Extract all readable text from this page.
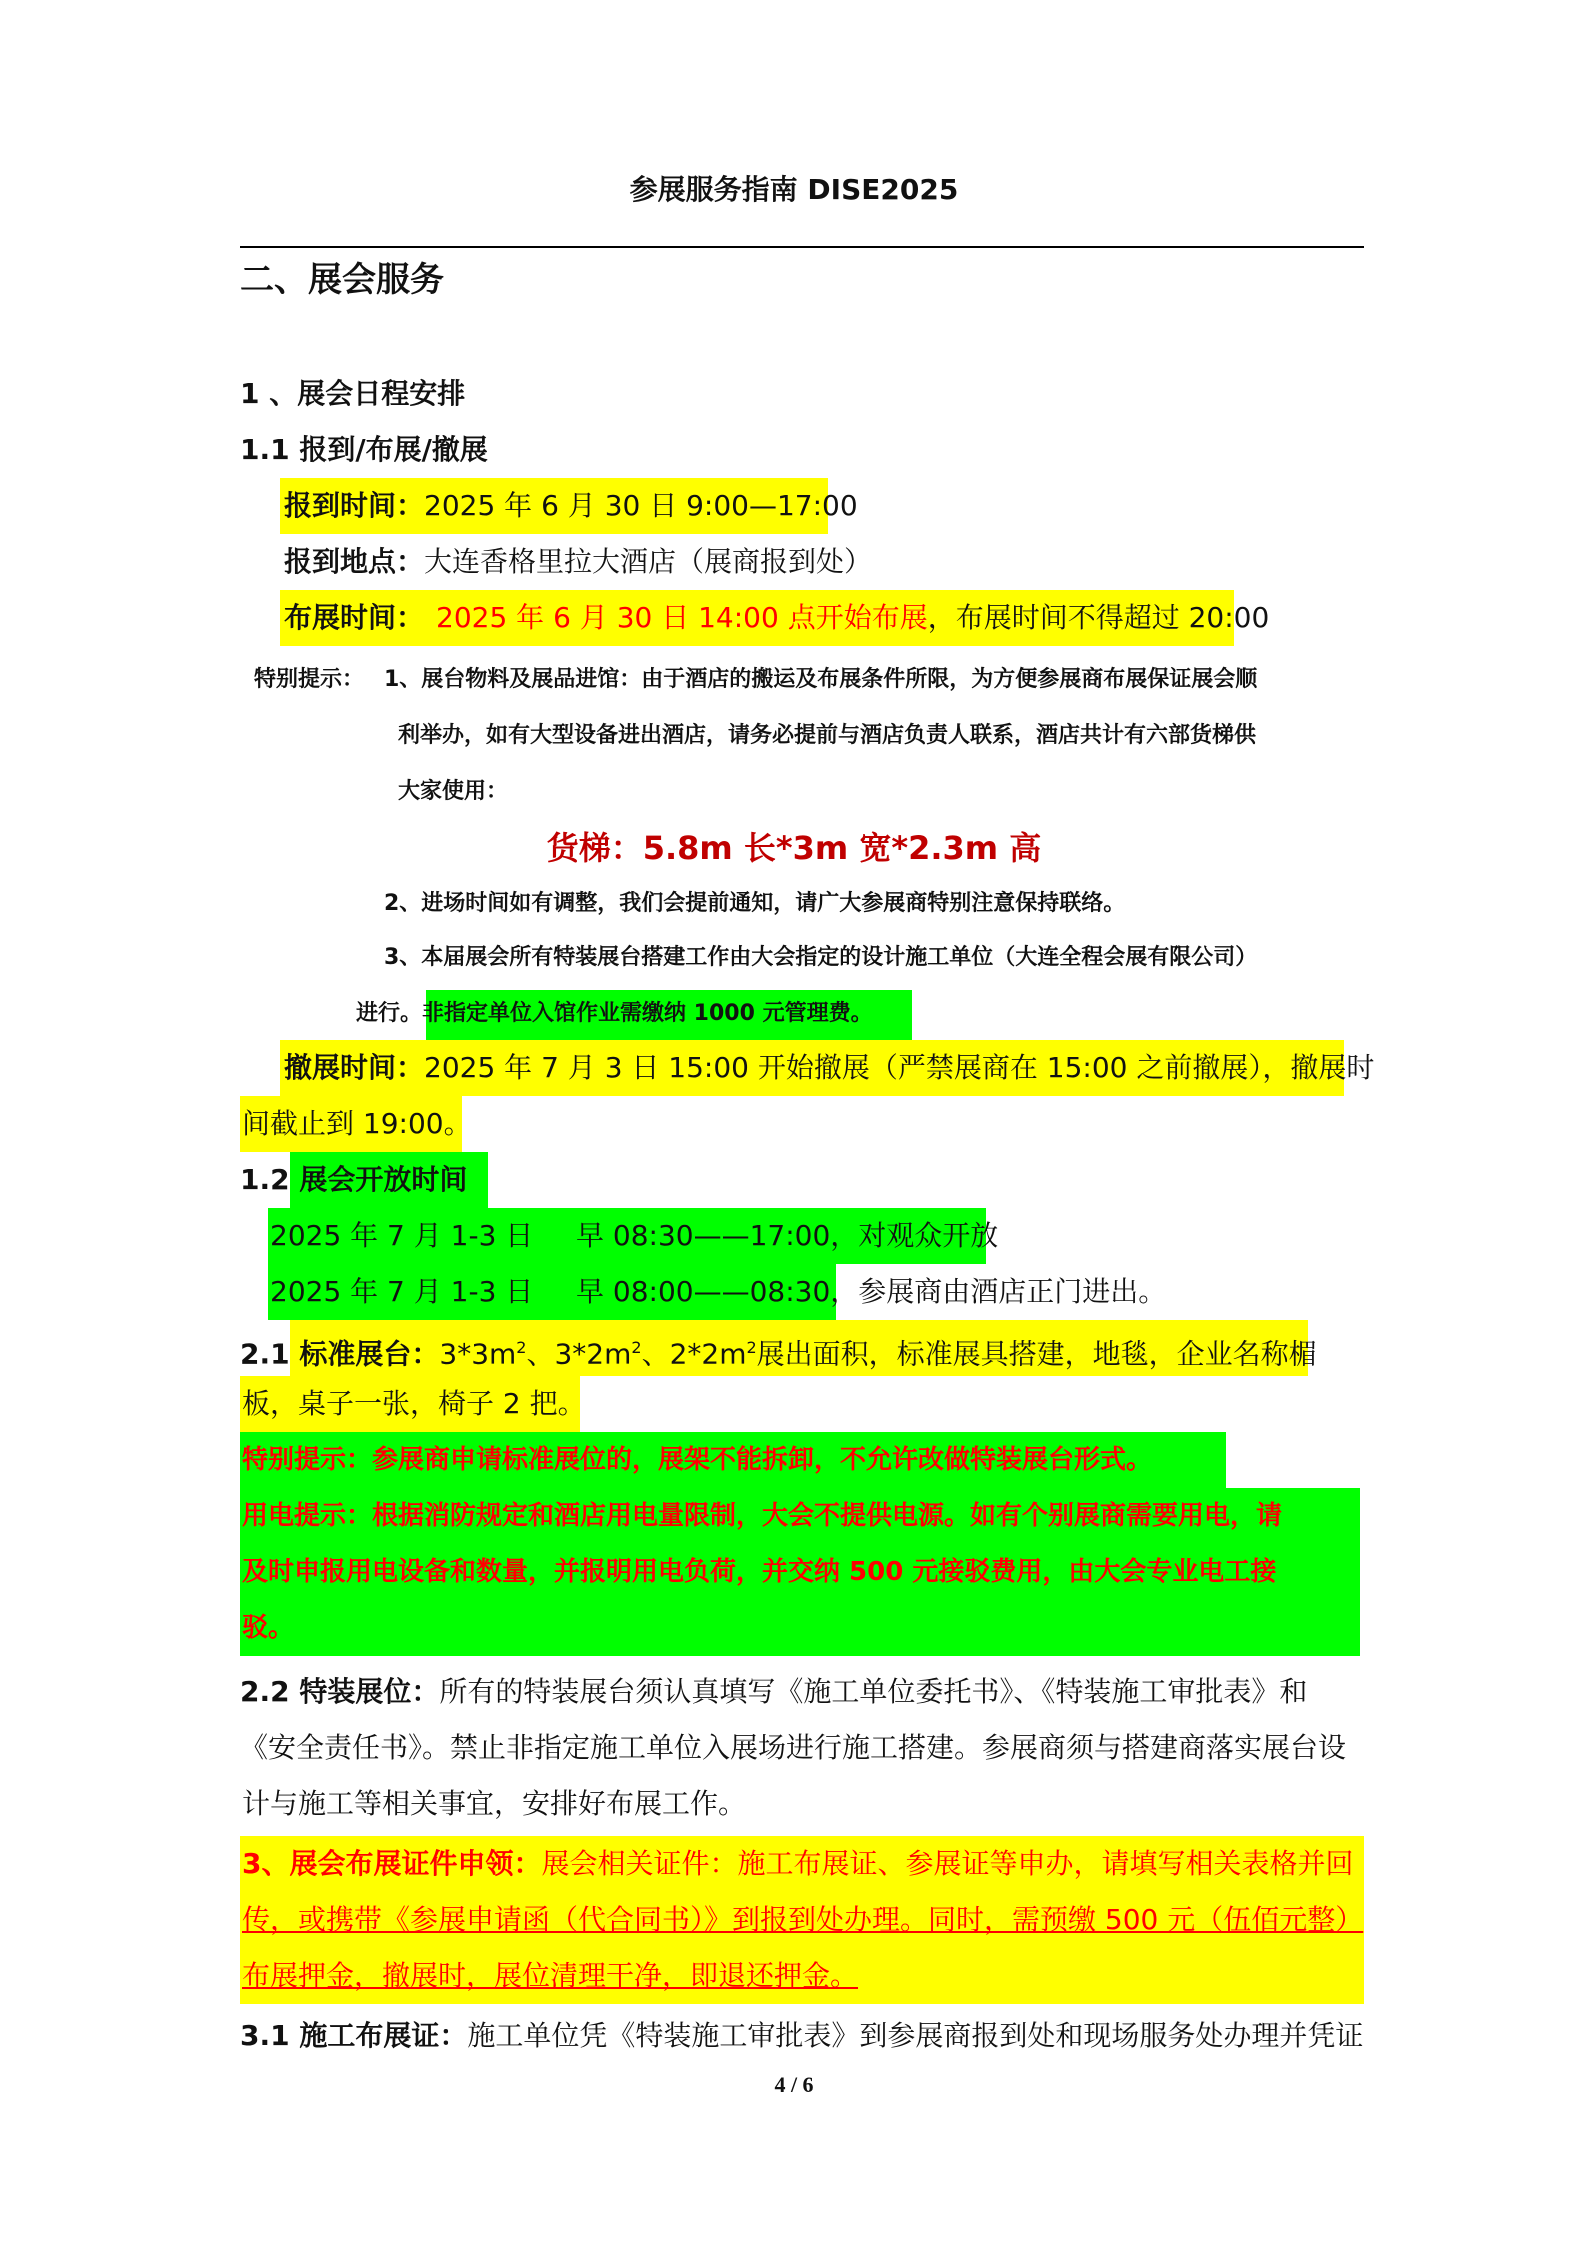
参展服务指南 DISE2025
二、展会服务
1 、展会日程安排
1.1 报到/布展/撤展
报到时间：2025 年 6 月 30 日 9:00—17:00
报到地点：大连香格里拉大酒店（展商报到处）
布展时间： 2025 年 6 月 30 日 14:00 点开始布展，布展时间不得超过 20:00
特别提示： 1、展台物料及展品进馆：由于酒店的搬运及布展条件所限，为方便参展商布展保证展会顺
利举办，如有大型设备进出酒店，请务必提前与酒店负责人联系，酒店共计有六部货梯供
大家使用：
货梯：5.8m 长*3m 宽*2.3m 高
2、进场时间如有调整，我们会提前通知，请广大参展商特别注意保持联络。
3、本届展会所有特装展台搭建工作由大会指定的设计施工单位（大连全程会展有限公司）
进行。非指定单位入馆作业需缴纳 1000 元管理费。
撤展时间：2025 年 7 月 3 日 15:00 开始撤展（严禁展商在 15:00 之前撤展），撤展时
间截止到 19:00。
1.2 展会开放时间
2025 年 7 月 1-3 日 早 08:30——17:00，对观众开放
2025 年 7 月 1-3 日 早 08:00——08:30，参展商由酒店正门进出。
2.1 标准展台：$3*3m^2$、$3*2m^2$、$2*2m^2$展出面积，标准展具搭建，地毯，企业名称楣
板，桌子一张，椅子 2 把。
特别提示：参展商申请标准展位的，展架不能拆卸，不允许改做特装展台形式。
用电提示：根据消防规定和酒店用电量限制，大会不提供电源。如有个别展商需要用电，请
及时申报用电设备和数量，并报明用电负荷，并交纳 500 元接驳费用，由大会专业电工接
驳。
2.2 特装展位：所有的特装展台须认真填写《施工单位委托书》、《特装施工审批表》和
《安全责任书》。禁止非指定施工单位入展场进行施工搭建。参展商须与搭建商落实展台设
计与施工等相关事宜，安排好布展工作。
3、展会布展证件申领：展会相关证件：施工布展证、参展证等申办，请填写相关表格并回
传，或携带《参展申请函（代合同书）》到报到处办理。同时，需预缴 500 元（伍佰元整）
布展押金，撤展时，展位清理干净，即退还押金。
3.1 施工布展证：施工单位凭《特装施工审批表》到参展商报到处和现场服务处办理并凭证
4 / 6
